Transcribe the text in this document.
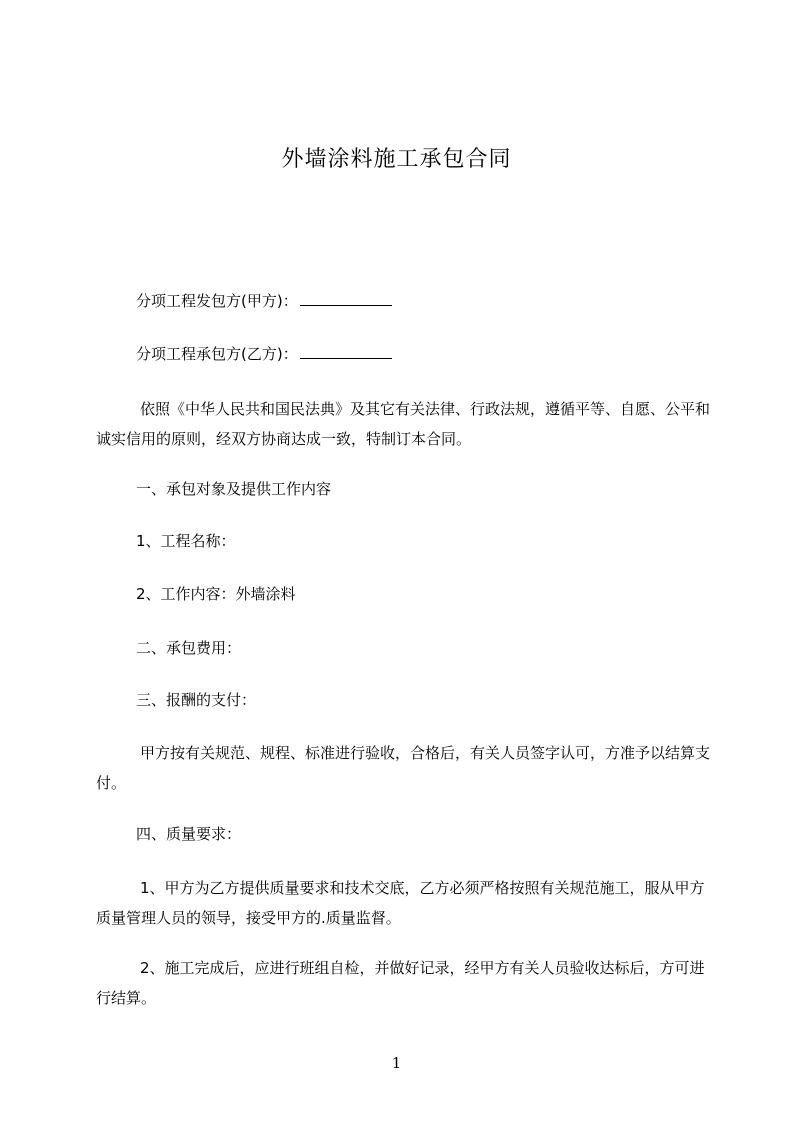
外墙涂料施工承包合同
分项工程发包方(甲方)：
分项工程承包方(乙方)：
依照《中华人民共和国民法典》及其它有关法律、行政法规，遵循平等、自愿、公平和诚实信用的原则，经双方协商达成一致，特制订本合同。
一、承包对象及提供工作内容
1、工程名称：
2、工作内容：外墙涂料
二、承包费用：
三、报酬的支付：
甲方按有关规范、规程、标准进行验收，合格后，有关人员签字认可，方准予以结算支付。
四、质量要求：
1、甲方为乙方提供质量要求和技术交底，乙方必须严格按照有关规范施工，服从甲方质量管理人员的领导，接受甲方的.质量监督。
2、施工完成后，应进行班组自检，并做好记录，经甲方有关人员验收达标后，方可进行结算。
1
